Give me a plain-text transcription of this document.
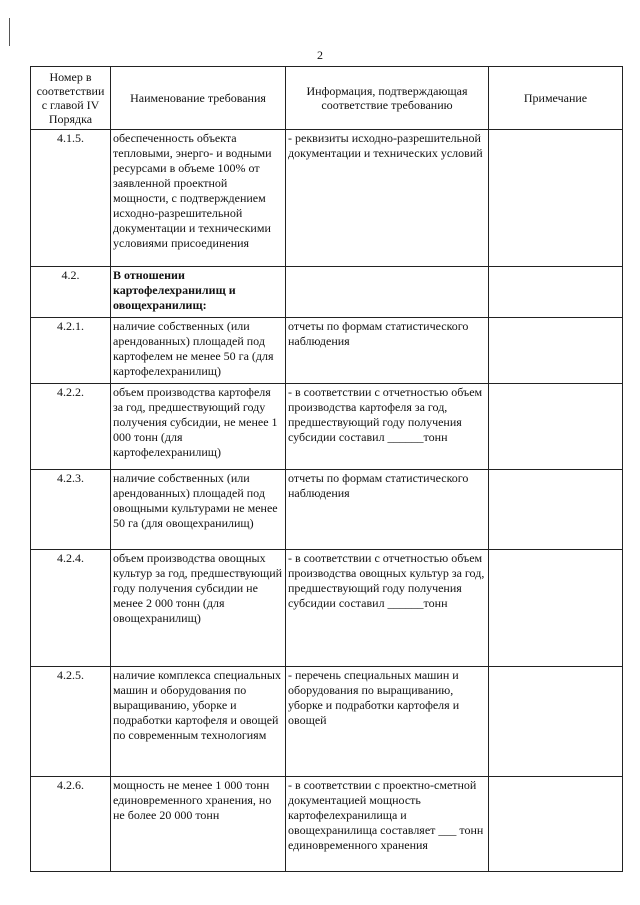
2
Номер в соответствии с главой IV Порядка	Наименование требования	Информация, подтверждающая соответствие требованию	Примечание
4.1.5.	обеспеченность объекта тепловыми, энерго- и водными ресурсами в объеме 100% от заявленной проектной мощности, с подтверждением исходно-разрешительной документации и техническими условиями присоединения	- реквизиты исходно-разрешительной документации и технических условий	
4.2.	В отношении картофелехранилищ и овощехранилищ:		
4.2.1.	наличие собственных (или арендованных) площадей под картофелем не менее 50 га (для картофелехранилищ)	отчеты по формам статистического наблюдения	
4.2.2.	объем производства картофеля за год, предшествующий году получения субсидии, не менее 1 000 тонн (для картофелехранилищ)	- в соответствии с отчетностью объем производства картофеля за год, предшествующий году получения субсидии составил ______тонн	
4.2.3.	наличие собственных (или арендованных) площадей под овощными культурами не менее 50 га (для овощехранилищ)	отчеты по формам статистического наблюдения	
4.2.4.	объем производства овощных культур за год, предшествующий году получения субсидии не менее 2 000 тонн (для овощехранилищ)	- в соответствии с отчетностью объем производства овощных культур за год, предшествующий году получения субсидии составил ______тонн	
4.2.5.	наличие комплекса специальных машин и оборудования по выращиванию, уборке и подработки картофеля и овощей по современным технологиям	- перечень специальных машин и оборудования по выращиванию, уборке и подработки картофеля и овощей	
4.2.6.	мощность не менее 1 000 тонн единовременного хранения, но не более 20 000 тонн	- в соответствии с проектно-сметной документацией мощность картофелехранилища и овощехранилища составляет ___ тонн единовременного хранения	
